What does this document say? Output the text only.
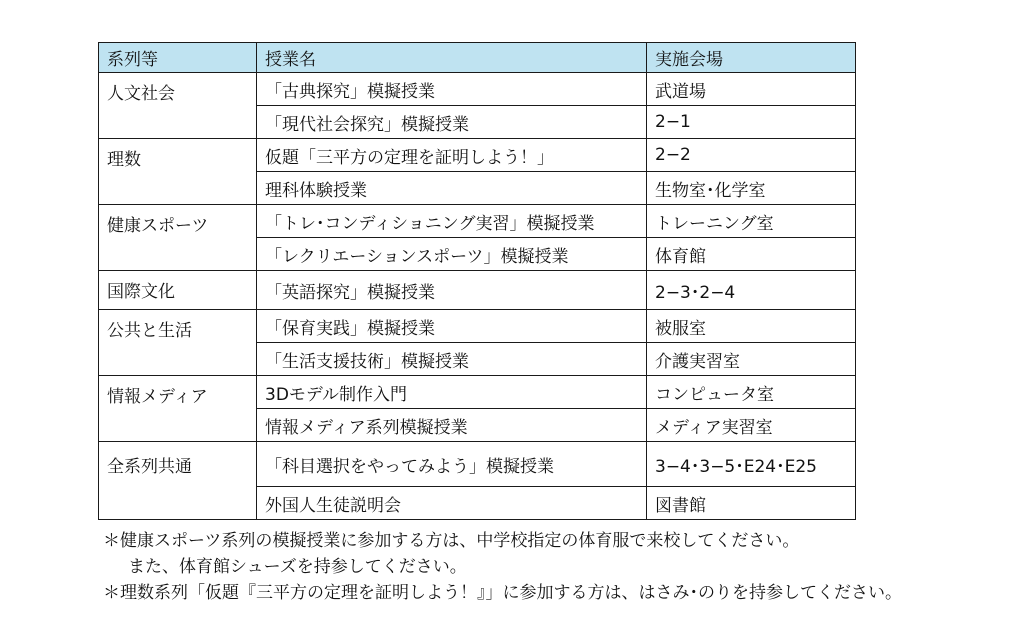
系列等	授業名	実施会場
人文社会	「古典探究」模擬授業	武道場
	「現代社会探究」模擬授業	2−1
理数	仮題「三平方の定理を証明しよう！」	2−2
	理科体験授業	生物室･化学室
健康スポーツ	「トレ･コンディショニング実習」模擬授業	トレーニング室
	「レクリエーションスポーツ」模擬授業	体育館
国際文化	「英語探究」模擬授業	2−3･2−4
公共と生活	「保育実践」模擬授業	被服室
	「生活支援技術」模擬授業	介護実習室
情報メディア	3Dモデル制作入門	コンピュータ室
	情報メディア系列模擬授業	メディア実習室
全系列共通	「科目選択をやってみよう」模擬授業	3−4･3−5･E24･E25
	外国人生徒説明会	図書館
＊健康スポーツ系列の模擬授業に参加する方は、中学校指定の体育服で来校してください。
また、体育館シューズを持参してください。
＊理数系列「仮題『三平方の定理を証明しよう！』」に参加する方は、はさみ･のりを持参してください。
